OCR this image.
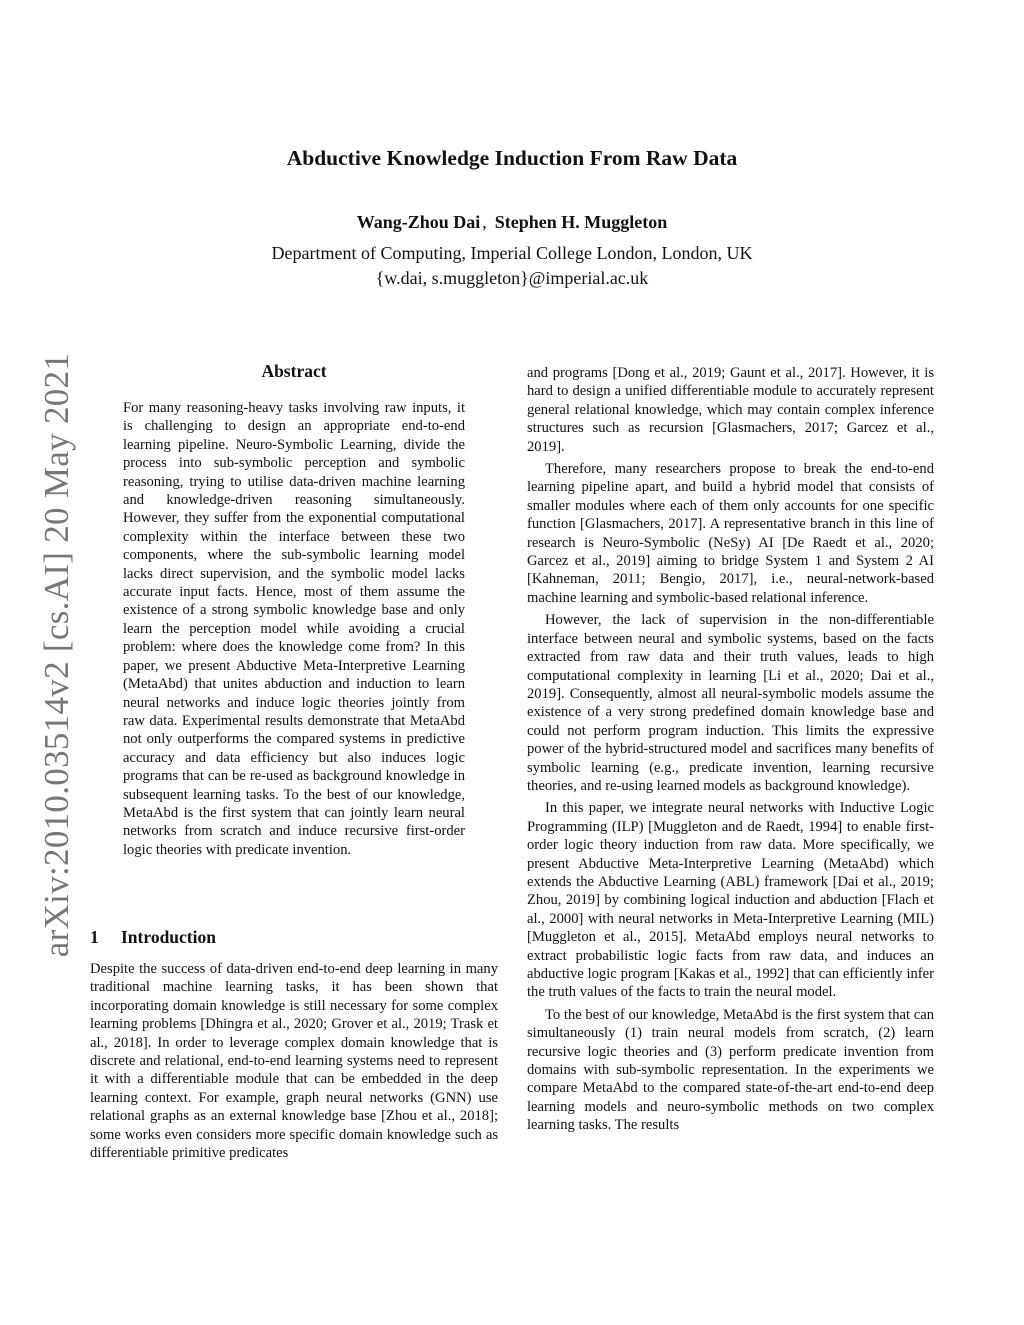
arXiv:2010.03514v2 [cs.AI] 20 May 2021
Abductive Knowledge Induction From Raw Data
Wang-Zhou Dai , Stephen H. Muggleton
Department of Computing, Imperial College London, London, UK
{w.dai, s.muggleton}@imperial.ac.uk
Abstract

For many reasoning-heavy tasks involving raw inputs, it is challenging to design an appropriate end-to-end learning pipeline. Neuro-Symbolic Learning, divide the process into sub-symbolic perception and symbolic reasoning, trying to utilise data-driven machine learning and knowledge-driven reasoning simultaneously. However, they suffer from the exponential computational complexity within the interface between these two components, where the sub-symbolic learning model lacks direct supervision, and the symbolic model lacks accurate input facts. Hence, most of them assume the existence of a strong symbolic knowledge base and only learn the perception model while avoiding a crucial problem: where does the knowledge come from? In this paper, we present Abductive Meta-Interpretive Learning (MetaAbd) that unites abduction and induction to learn neural networks and induce logic theories jointly from raw data. Experimental results demonstrate that MetaAbd not only outperforms the compared systems in predictive accuracy and data efficiency but also induces logic programs that can be re-used as background knowledge in subsequent learning tasks. To the best of our knowledge, MetaAbd is the first system that can jointly learn neural networks from scratch and induce recursive first-order logic theories with predicate invention.

1 Introduction

Despite the success of data-driven end-to-end deep learning in many traditional machine learning tasks, it has been shown that incorporating domain knowledge is still necessary for some complex learning problems [Dhingra et al., 2020; Grover et al., 2019; Trask et al., 2018]. In order to leverage complex domain knowledge that is discrete and relational, end-to-end learning systems need to represent it with a differentiable module that can be embedded in the deep learning context. For example, graph neural networks (GNN) use relational graphs as an external knowledge base [Zhou et al., 2018]; some works even considers more specific domain knowledge such as differentiable primitive predicates

and programs [Dong et al., 2019; Gaunt et al., 2017]. However, it is hard to design a unified differentiable module to accurately represent general relational knowledge, which may contain complex inference structures such as recursion [Glasmachers, 2017; Garcez et al., 2019].

Therefore, many researchers propose to break the end-to-end learning pipeline apart, and build a hybrid model that consists of smaller modules where each of them only accounts for one specific function [Glasmachers, 2017]. A representative branch in this line of research is Neuro-Symbolic (NeSy) AI [De Raedt et al., 2020; Garcez et al., 2019] aiming to bridge System 1 and System 2 AI [Kahneman, 2011; Bengio, 2017], i.e., neural-network-based machine learning and symbolic-based relational inference.

However, the lack of supervision in the non-differentiable interface between neural and symbolic systems, based on the facts extracted from raw data and their truth values, leads to high computational complexity in learning [Li et al., 2020; Dai et al., 2019]. Consequently, almost all neural-symbolic models assume the existence of a very strong predefined domain knowledge base and could not perform program induction. This limits the expressive power of the hybrid-structured model and sacrifices many benefits of symbolic learning (e.g., predicate invention, learning recursive theories, and re-using learned models as background knowledge).

In this paper, we integrate neural networks with Inductive Logic Programming (ILP) [Muggleton and de Raedt, 1994] to enable first-order logic theory induction from raw data. More specifically, we present Abductive Meta-Interpretive Learning (MetaAbd) which extends the Abductive Learning (ABL) framework [Dai et al., 2019; Zhou, 2019] by combining logical induction and abduction [Flach et al., 2000] with neural networks in Meta-Interpretive Learning (MIL) [Muggleton et al., 2015]. MetaAbd employs neural networks to extract probabilistic logic facts from raw data, and induces an abductive logic program [Kakas et al., 1992] that can efficiently infer the truth values of the facts to train the neural model.

To the best of our knowledge, MetaAbd is the first system that can simultaneously (1) train neural models from scratch, (2) learn recursive logic theories and (3) perform predicate invention from domains with sub-symbolic representation. In the experiments we compare MetaAbd to the compared state-of-the-art end-to-end deep learning models and neuro-symbolic methods on two complex learning tasks. The results
